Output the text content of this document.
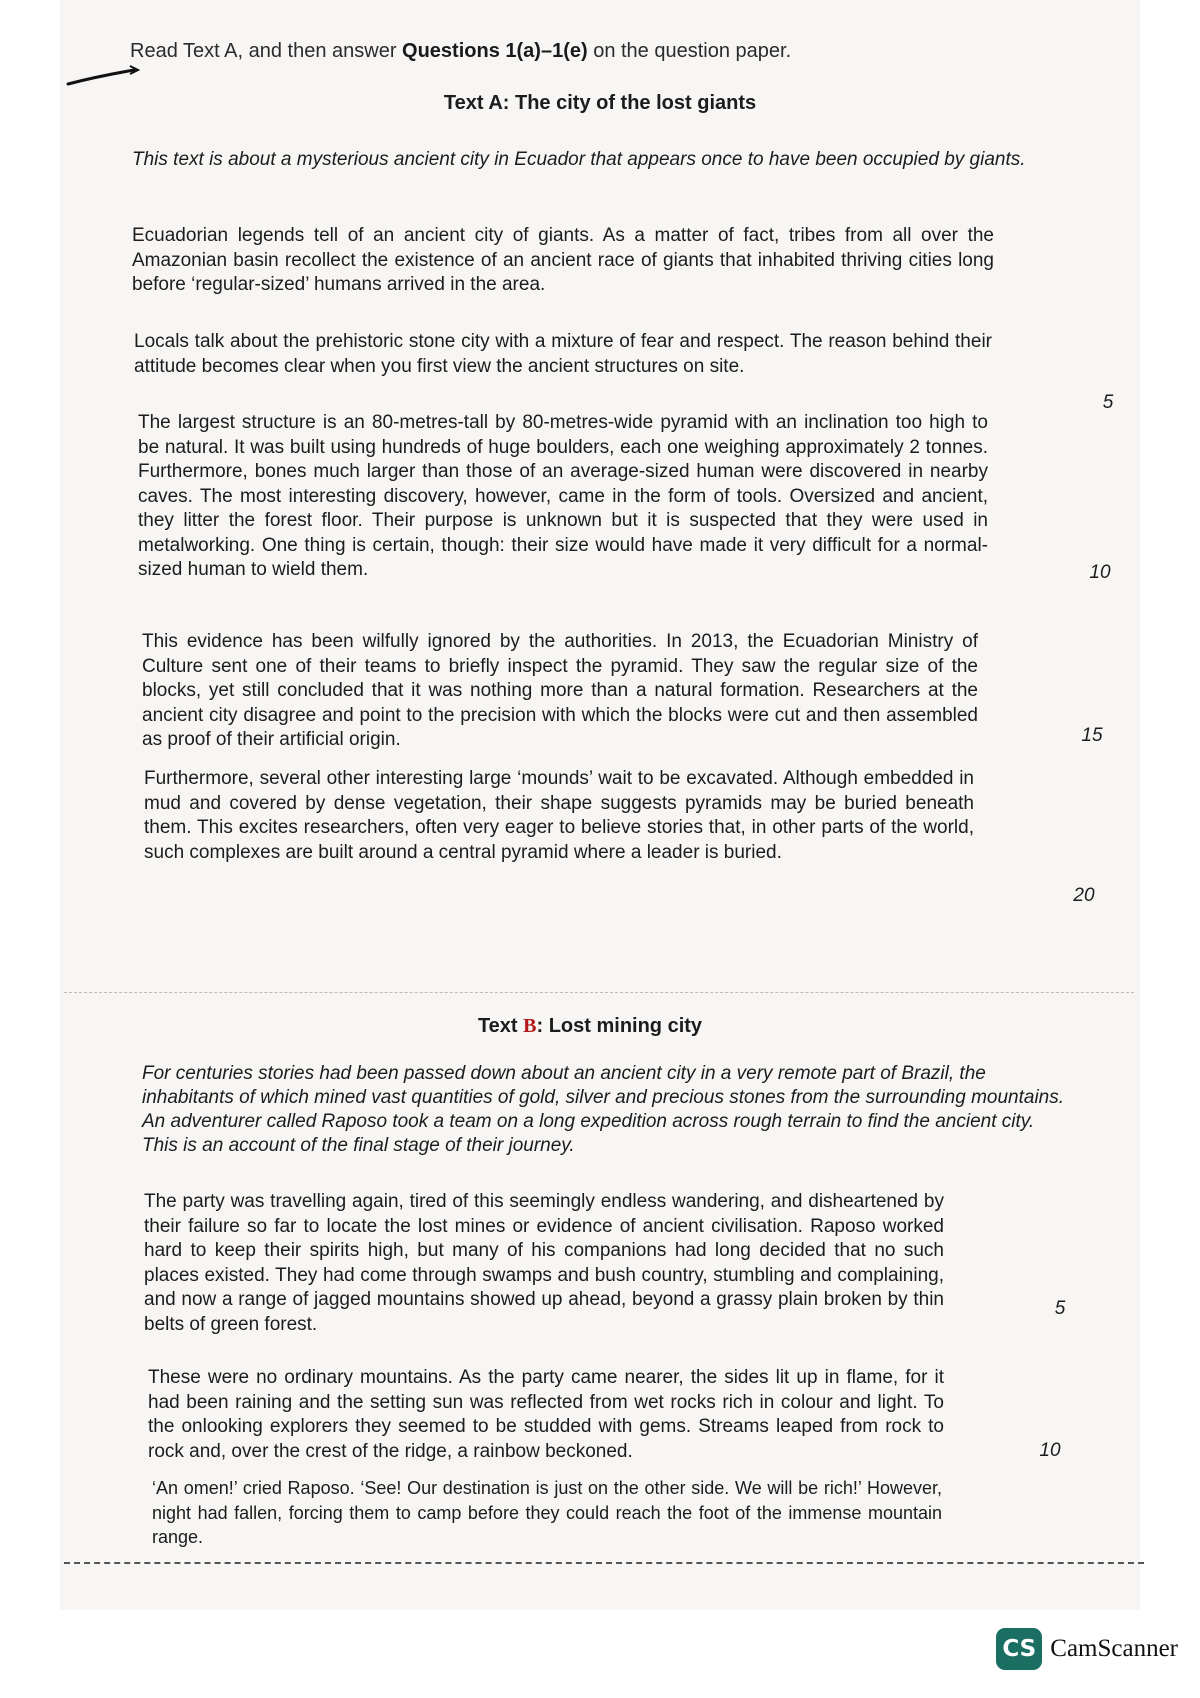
Read Text A, and then answer Questions 1(a)–1(e) on the question paper.
Text A: The city of the lost giants
This text is about a mysterious ancient city in Ecuador that appears once to have been occupied by giants.
Ecuadorian legends tell of an ancient city of giants. As a matter of fact, tribes from all over the Amazonian basin recollect the existence of an ancient race of giants that inhabited thriving cities long before ‘regular-sized’ humans arrived in the area.
Locals talk about the prehistoric stone city with a mixture of fear and respect. The reason behind their attitude becomes clear when you first view the ancient structures on site.
The largest structure is an 80-metres-tall by 80-metres-wide pyramid with an inclination too high to be natural. It was built using hundreds of huge boulders, each one weighing approximately 2 tonnes. Furthermore, bones much larger than those of an average-sized human were discovered in nearby caves. The most interesting discovery, however, came in the form of tools. Oversized and ancient, they litter the forest floor. Their purpose is unknown but it is suspected that they were used in metalworking. One thing is certain, though: their size would have made it very difficult for a normal-sized human to wield them.
This evidence has been wilfully ignored by the authorities. In 2013, the Ecuadorian Ministry of Culture sent one of their teams to briefly inspect the pyramid. They saw the regular size of the blocks, yet still concluded that it was nothing more than a natural formation. Researchers at the ancient city disagree and point to the precision with which the blocks were cut and then assembled as proof of their artificial origin.
Furthermore, several other interesting large ‘mounds’ wait to be excavated. Although embedded in mud and covered by dense vegetation, their shape suggests pyramids may be buried beneath them. This excites researchers, often very eager to believe stories that, in other parts of the world, such complexes are built around a central pyramid where a leader is buried.
5
10
15
20
Text B: Lost mining city
For centuries stories had been passed down about an ancient city in a very remote part of Brazil, the inhabitants of which mined vast quantities of gold, silver and precious stones from the surrounding mountains. An adventurer called Raposo took a team on a long expedition across rough terrain to find the ancient city. This is an account of the final stage of their journey.
The party was travelling again, tired of this seemingly endless wandering, and disheartened by their failure so far to locate the lost mines or evidence of ancient civilisation. Raposo worked hard to keep their spirits high, but many of his companions had long decided that no such places existed. They had come through swamps and bush country, stumbling and complaining, and now a range of jagged mountains showed up ahead, beyond a grassy plain broken by thin belts of green forest.
These were no ordinary mountains. As the party came nearer, the sides lit up in flame, for it had been raining and the setting sun was reflected from wet rocks rich in colour and light. To the onlooking explorers they seemed to be studded with gems. Streams leaped from rock to rock and, over the crest of the ridge, a rainbow beckoned.
‘An omen!’ cried Raposo. ‘See! Our destination is just on the other side. We will be rich!’ However, night had fallen, forcing them to camp before they could reach the foot of the immense mountain range.
5
10
CS CamScanner
